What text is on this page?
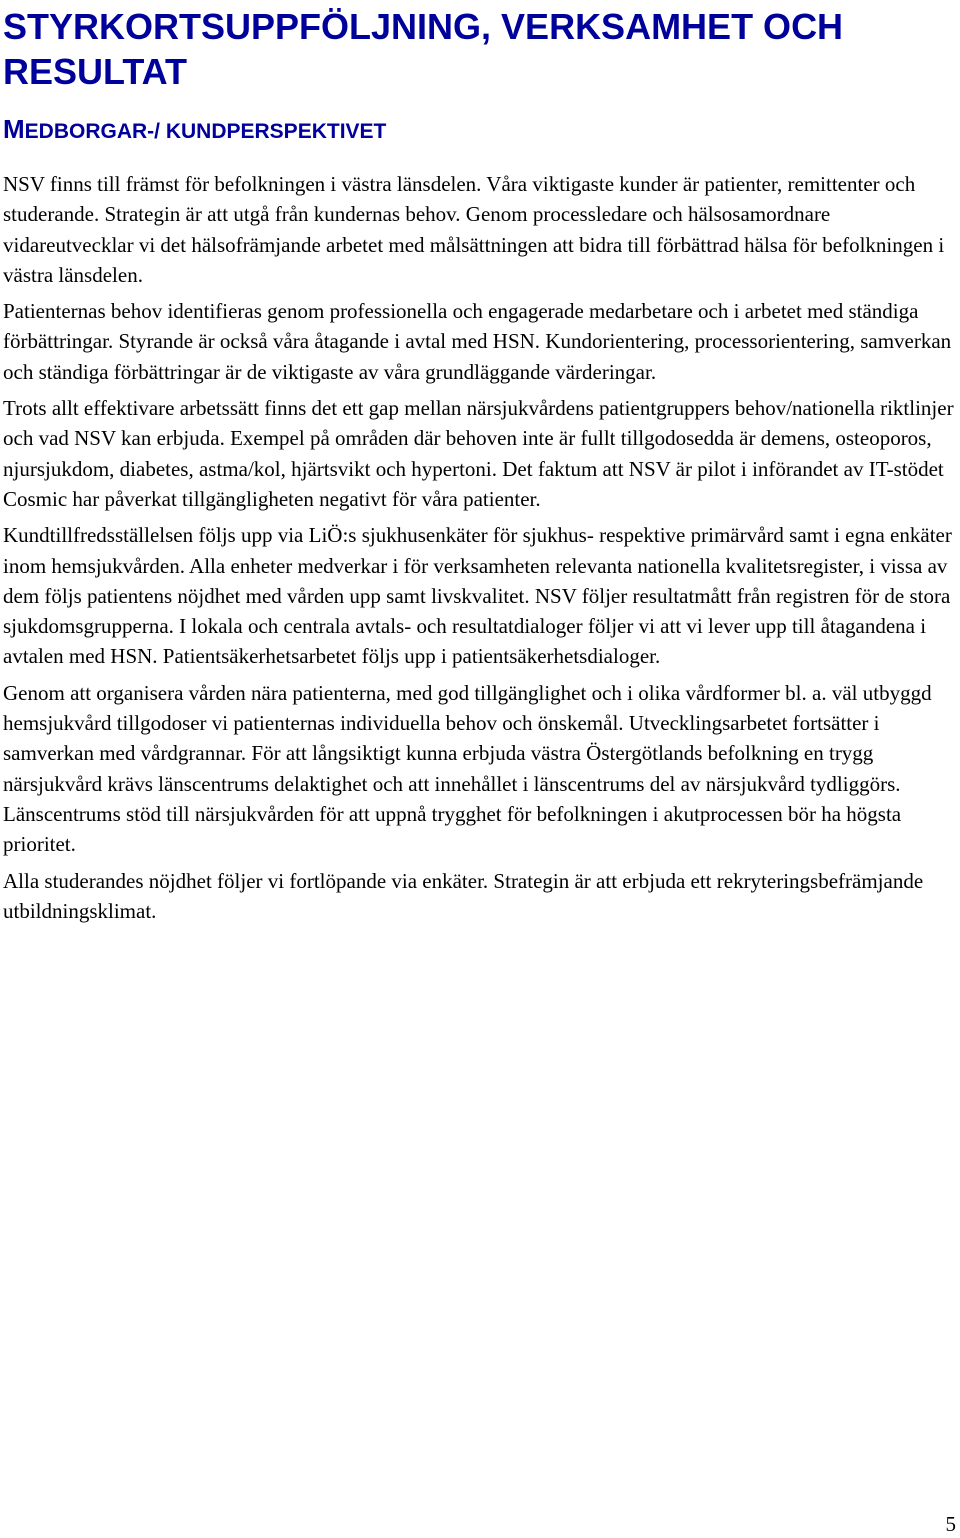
STYRKORTSUPPFÖLJNING, VERKSAMHET OCH RESULTAT
MEDBORGAR-/ KUNDPERSPEKTIVET

NSV finns till främst för befolkningen i västra länsdelen. Våra viktigaste kunder är patienter, remittenter och studerande. Strategin är att utgå från kundernas behov. Genom processledare och hälsosamordnare vidareutvecklar vi det hälsofrämjande arbetet med målsättningen att bidra till förbättrad hälsa för befolkningen i västra länsdelen.

Patienternas behov identifieras genom professionella och engagerade medarbetare och i arbetet med ständiga förbättringar. Styrande är också våra åtagande i avtal med HSN. Kundorientering, processorientering, samverkan och ständiga förbättringar är de viktigaste av våra grundläggande värderingar.

Trots allt effektivare arbetssätt finns det ett gap mellan närsjukvårdens patientgruppers behov/nationella riktlinjer och vad NSV kan erbjuda. Exempel på områden där behoven inte är fullt tillgodosedda är demens, osteoporos, njursjukdom, diabetes, astma/kol, hjärtsvikt och hypertoni. Det faktum att NSV är pilot i införandet av IT-stödet Cosmic har påverkat tillgängligheten negativt för våra patienter.

Kundtillfredsställelsen följs upp via LiÖ:s sjukhusenkäter för sjukhus- respektive primärvård samt i egna enkäter inom hemsjukvården. Alla enheter medverkar i för verksamheten relevanta nationella kvalitetsregister, i vissa av dem följs patientens nöjdhet med vården upp samt livskvalitet. NSV följer resultatmått från registren för de stora sjukdomsgrupperna. I lokala och centrala avtals- och resultatdialoger följer vi att vi lever upp till åtagandena i avtalen med HSN. Patientsäkerhetsarbetet följs upp i patientsäkerhetsdialoger.

Genom att organisera vården nära patienterna, med god tillgänglighet och i olika vårdformer bl. a. väl utbyggd hemsjukvård tillgodoser vi patienternas individuella behov och önskemål. Utvecklingsarbetet fortsätter i samverkan med vårdgrannar. För att långsiktigt kunna erbjuda västra Östergötlands befolkning en trygg närsjukvård krävs länscentrums delaktighet och att innehållet i länscentrums del av närsjukvård tydliggörs. Länscentrums stöd till närsjukvården för att uppnå trygghet för befolkningen i akutprocessen bör ha högsta prioritet.

Alla studerandes nöjdhet följer vi fortlöpande via enkäter. Strategin är att erbjuda ett rekryteringsbefrämjande utbildningsklimat.

5
